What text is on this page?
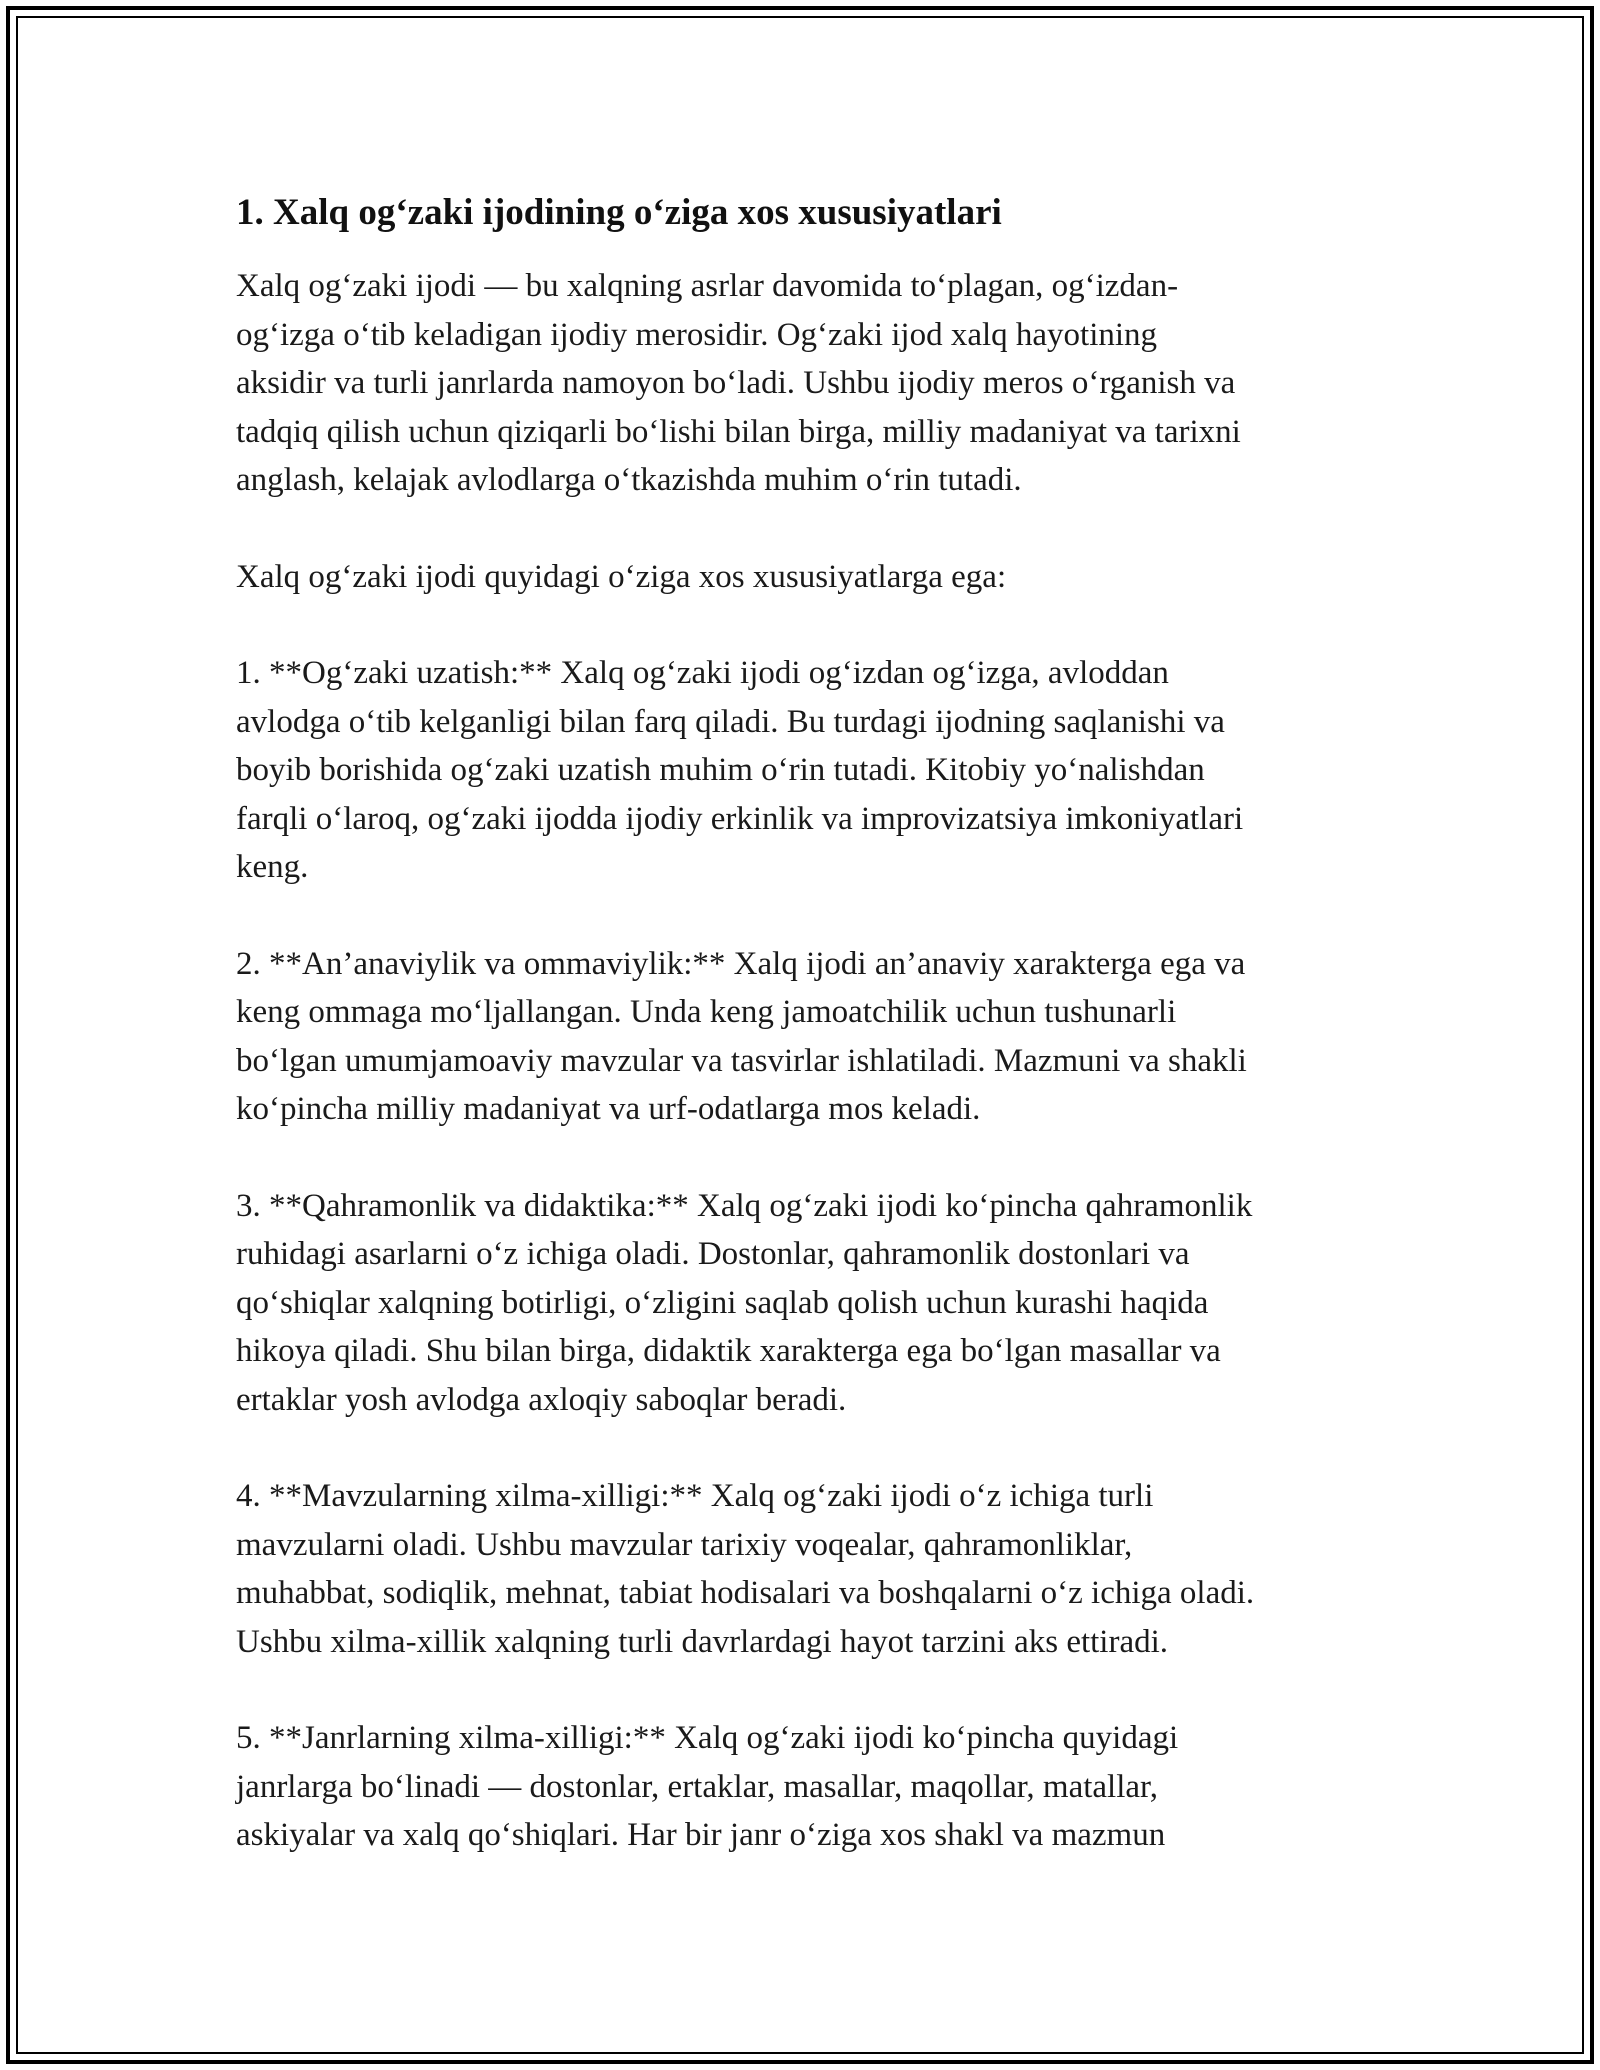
1. Xalq og‘zaki ijodining o‘ziga xos xususiyatlari

Xalq og‘zaki ijodi — bu xalqning asrlar davomida to‘plagan, og‘izdan-
og‘izga o‘tib keladigan ijodiy merosidir. Og‘zaki ijod xalq hayotining
aksidir va turli janrlarda namoyon bo‘ladi. Ushbu ijodiy meros o‘rganish va
tadqiq qilish uchun qiziqarli bo‘lishi bilan birga, milliy madaniyat va tarixni
anglash, kelajak avlodlarga o‘tkazishda muhim o‘rin tutadi.

Xalq og‘zaki ijodi quyidagi o‘ziga xos xususiyatlarga ega:

1. **Og‘zaki uzatish:** Xalq og‘zaki ijodi og‘izdan og‘izga, avloddan
avlodga o‘tib kelganligi bilan farq qiladi. Bu turdagi ijodning saqlanishi va
boyib borishida og‘zaki uzatish muhim o‘rin tutadi. Kitobiy yo‘nalishdan
farqli o‘laroq, og‘zaki ijodda ijodiy erkinlik va improvizatsiya imkoniyatlari
keng.

2. **An’anaviylik va ommaviylik:** Xalq ijodi an’anaviy xarakterga ega va
keng ommaga mo‘ljallangan. Unda keng jamoatchilik uchun tushunarli
bo‘lgan umumjamoaviy mavzular va tasvirlar ishlatiladi. Mazmuni va shakli
ko‘pincha milliy madaniyat va urf-odatlarga mos keladi.

3. **Qahramonlik va didaktika:** Xalq og‘zaki ijodi ko‘pincha qahramonlik
ruhidagi asarlarni o‘z ichiga oladi. Dostonlar, qahramonlik dostonlari va
qo‘shiqlar xalqning botirligi, o‘zligini saqlab qolish uchun kurashi haqida
hikoya qiladi. Shu bilan birga, didaktik xarakterga ega bo‘lgan masallar va
ertaklar yosh avlodga axloqiy saboqlar beradi.

4. **Mavzularning xilma-xilligi:** Xalq og‘zaki ijodi o‘z ichiga turli
mavzularni oladi. Ushbu mavzular tarixiy voqealar, qahramonliklar,
muhabbat, sodiqlik, mehnat, tabiat hodisalari va boshqalarni o‘z ichiga oladi.
Ushbu xilma-xillik xalqning turli davrlardagi hayot tarzini aks ettiradi.

5. **Janrlarning xilma-xilligi:** Xalq og‘zaki ijodi ko‘pincha quyidagi
janrlarga bo‘linadi — dostonlar, ertaklar, masallar, maqollar, matallar,
askiyalar va xalq qo‘shiqlari. Har bir janr o‘ziga xos shakl va mazmun
